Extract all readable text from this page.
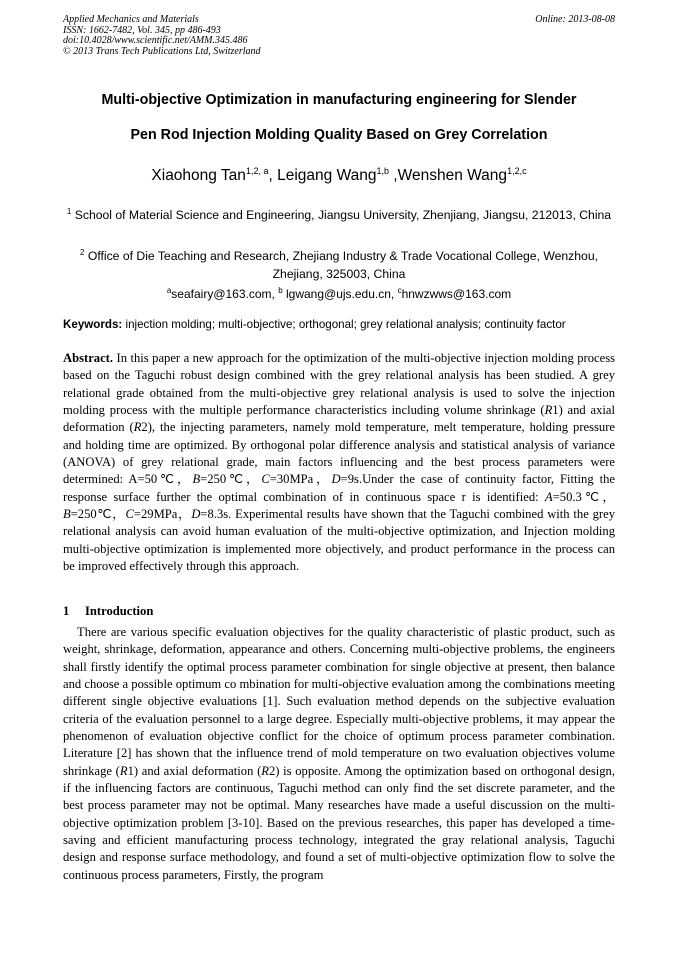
Applied Mechanics and Materials
ISSN: 1662-7482, Vol. 345, pp 486-493
doi:10.4028/www.scientific.net/AMM.345.486
© 2013 Trans Tech Publications Ltd, Switzerland
Online: 2013-08-08
Multi-objective Optimization in manufacturing engineering for Slender
Pen Rod Injection Molding Quality Based on Grey Correlation
Xiaohong Tan$^{1,2, a}$, Leigang Wang$^{1,b}$ ,Wenshen Wang$^{1,2,c}$
$^1$ School of Material Science and Engineering, Jiangsu University, Zhenjiang, Jiangsu, 212013, China
$^2$ Office of Die Teaching and Research, Zhejiang Industry & Trade Vocational College, Wenzhou, Zhejiang, 325003, China
$^a$seafairy@163.com, $^b$ lgwang@ujs.edu.cn, $^c$hnwzwws@163.com
Keywords: injection molding; multi-objective; orthogonal; grey relational analysis; continuity factor
Abstract. In this paper a new approach for the optimization of the multi-objective injection molding process based on the Taguchi robust design combined with the grey relational analysis has been studied. A grey relational grade obtained from the multi-objective grey relational analysis is used to solve the injection molding process with the multiple performance characteristics including volume shrinkage (R1) and axial deformation (R2), the injecting parameters, namely mold temperature, melt temperature, holding pressure and holding time are optimized. By orthogonal polar difference analysis and statistical analysis of variance (ANOVA) of grey relational grade, main factors influencing and the best process parameters were determined: A=50℃，B=250℃，C=30MPa，D=9s.Under the case of continuity factor, Fitting the response surface further the optimal combination of in continuous space r is identified: A=50.3℃，B=250℃，C=29MPa，D=8.3s. Experimental results have shown that the Taguchi combined with the grey relational analysis can avoid human evaluation of the multi-objective optimization, and Injection molding multi-objective optimization is implemented more objectively, and product performance in the process can be improved effectively through this approach.
1 Introduction
There are various specific evaluation objectives for the quality characteristic of plastic product, such as weight, shrinkage, deformation, appearance and others. Concerning multi-objective problems, the engineers shall firstly identify the optimal process parameter combination for single objective at present, then balance and choose a possible optimum co mbination for multi-objective evaluation among the combinations meeting different single objective evaluations [1]. Such evaluation method depends on the subjective evaluation criteria of the evaluation personnel to a large degree. Especially multi-objective problems, it may appear the phenomenon of evaluation objective conflict for the choice of optimum process parameter combination. Literature [2] has shown that the influence trend of mold temperature on two evaluation objectives volume shrinkage (R1) and axial deformation (R2) is opposite. Among the optimization based on orthogonal design, if the influencing factors are continuous, Taguchi method can only find the set discrete parameter, and the best process parameter may not be optimal. Many researches have made a useful discussion on the multi-objective optimization problem [3-10]. Based on the previous researches, this paper has developed a time-saving and efficient manufacturing process technology, integrated the gray relational analysis, Taguchi design and response surface methodology, and found a set of multi-objective optimization flow to solve the continuous process parameters, Firstly, the program
